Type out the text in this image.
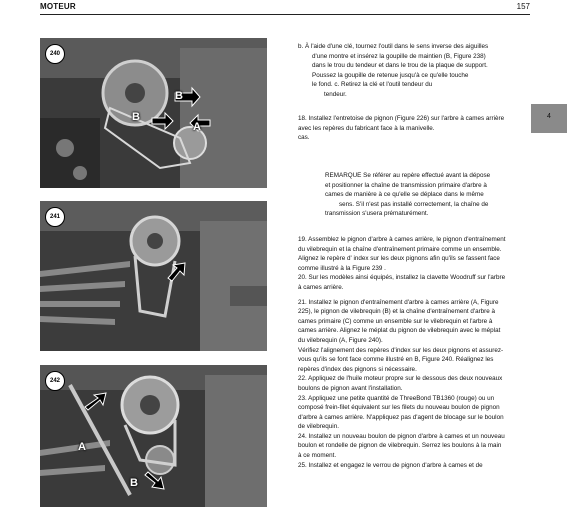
MOTEUR	157
4
240
B
B
A
241
242
A
B

b. À l'aide d'une clé, tournez l'outil dans le sens inverse des aiguilles

d'une montre et insérez la goupille de maintien (B, Figure 238)

dans le trou du tendeur et dans le trou de la plaque de support.

Poussez la goupille de retenue jusqu'à ce qu'elle touche

le fond. c. Retirez la clé et l'outil tendeur du

tendeur.

18. Installez l'entretoise de pignon (Figure 226) sur l'arbre à cames arrière

avec les repères du fabricant face à la manivelle.

cas.

REMARQUE Se référer au repère effectué avant la dépose

et positionner la chaîne de transmission primaire d'arbre à

cames de manière à ce qu'elle se déplace dans le même

sens. S'il n'est pas installé correctement, la chaîne de

transmission s'usera prématurément.

19. Assemblez le pignon d'arbre à cames arrière, le pignon d'entraînement

du vilebrequin et la chaîne d'entraînement primaire comme un ensemble.

Alignez le repère d' index sur les deux pignons afin qu'ils se fassent face

comme illustré à la Figure 239 .

20. Sur les modèles ainsi équipés, installez la clavette Woodruff sur l'arbre

à cames arrière.

21. Installez le pignon d'entraînement d'arbre à cames arrière (A, Figure

225), le pignon de vilebrequin (B) et la chaîne d'entraînement d'arbre à

cames primaire (C) comme un ensemble sur le vilebrequin et l'arbre à

cames arrière. Alignez le méplat du pignon de vilebrequin avec le méplat

du vilebrequin (A, Figure 240).

Vérifiez l'alignement des repères d'index sur les deux pignons et assurez-

vous qu'ils se font face comme illustré en B, Figure 240. Réalignez les

repères d'index des pignons si nécessaire.

22. Appliquez de l'huile moteur propre sur le dessous des deux nouveaux

boulons de pignon avant l'installation.

23. Appliquez une petite quantité de ThreeBond TB1360 (rouge) ou un

composé frein-filet équivalent sur les filets du nouveau boulon de pignon

d'arbre à cames arrière. N'appliquez pas d'agent de blocage sur le boulon

de vilebrequin.

24. Installez un nouveau boulon de pignon d'arbre à cames et un nouveau

boulon et rondelle de pignon de vilebrequin. Serrez les boulons à la main

à ce moment.

25. Installez et engagez le verrou de pignon d'arbre à cames et de
